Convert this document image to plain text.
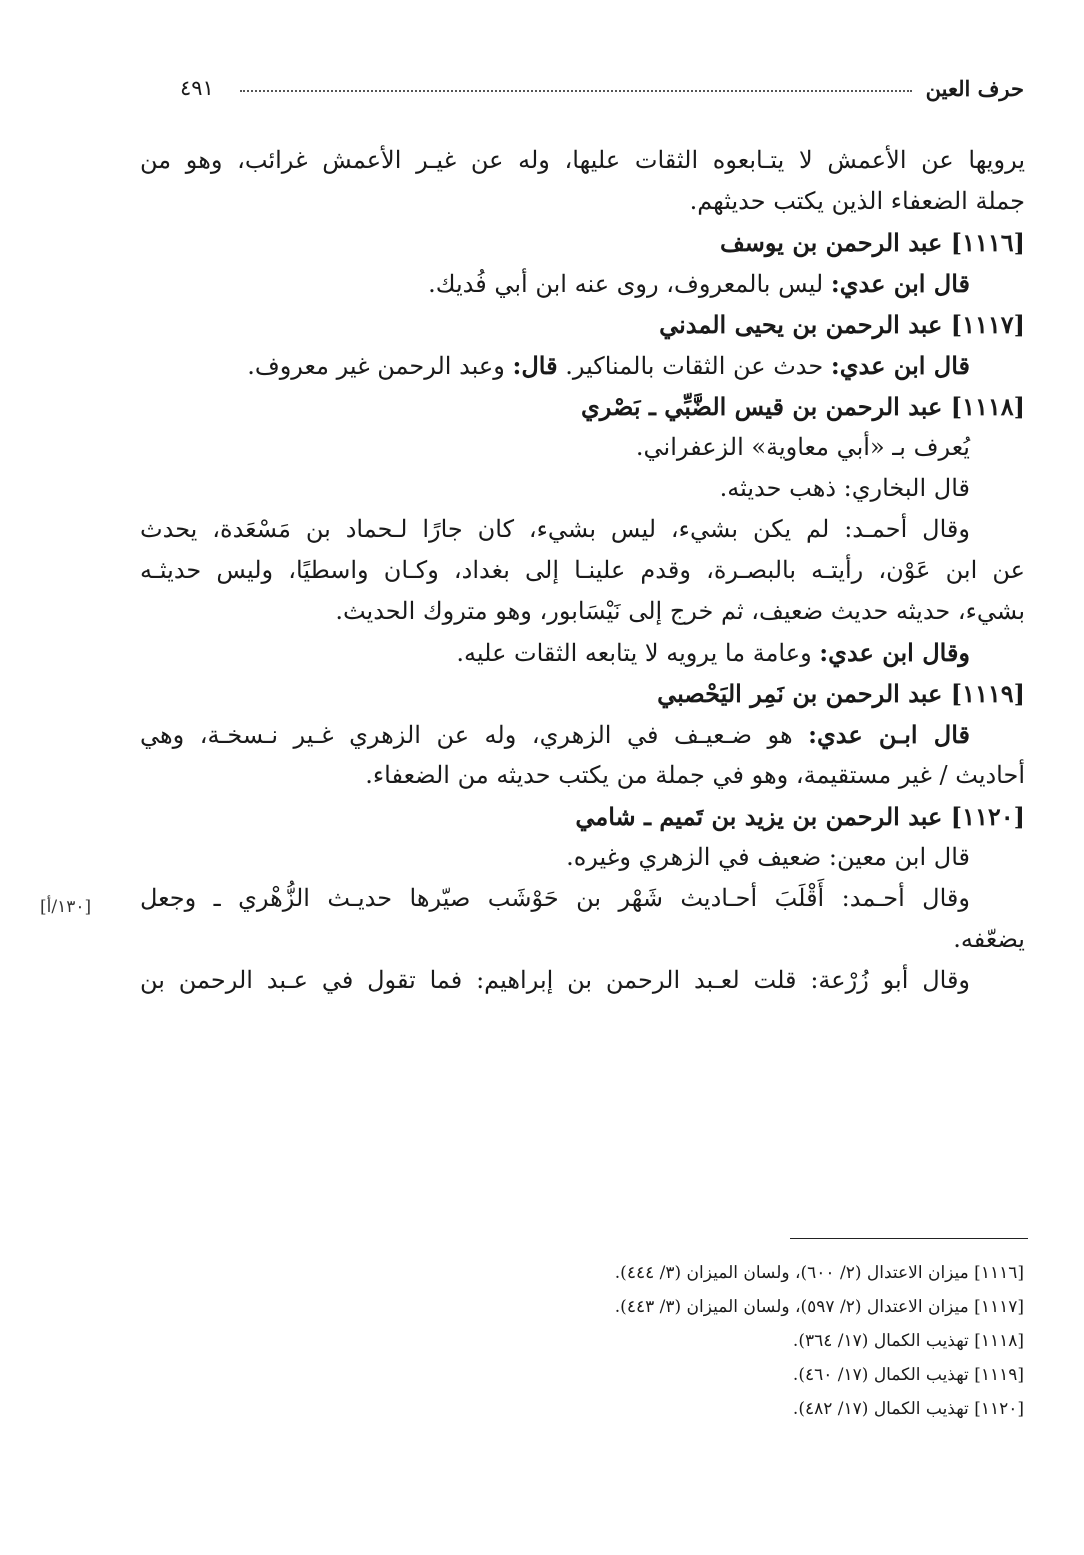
حرف العين
٤٩١
يرويها عن الأعمش لا يتـابعوه الثقات عليها، وله عن غيـر الأعمش غرائب، وهو من
جملة الضعفاء الذين يكتب حديثهم.
[١١١٦] عبد الرحمن بن يوسف
قال ابن عدي: ليس بالمعروف، روى عنه ابن أبي فُديك.
[١١١٧] عبد الرحمن بن يحيى المدني
قال ابن عدي: حدث عن الثقات بالمناكير. قال: وعبد الرحمن غير معروف.
[١١١٨] عبد الرحمن بن قيس الضَّبِّي ـ بَصْري
يُعرف بـ «أبي معاوية» الزعفراني.
قال البخاري: ذهب حديثه.
وقال أحمـد: لم يكن بشيء، ليس بشيء، كان جارًا لـحماد بن مَسْعَدة، يحدث
عن ابن عَوْن، رأيتـه بالبصـرة، وقدم علينـا إلى بغداد، وكـان واسطيًا، وليس حديثـه
بشيء، حديثه حديث ضعيف، ثم خرج إلى نَيْسَابور، وهو متروك الحديث.
وقال ابن عدي: وعامة ما يرويه لا يتابعه الثقات عليه.
[١١١٩] عبد الرحمن بن نَمِر اليَحْصبي
قال ابـن عدي: هو ضـعيـف في الزهري، وله عن الزهري غـير نـسخـة، وهي
أحاديث / غير مستقيمة، وهو في جملة من يكتب حديثه من الضعفاء.
[١١٢٠] عبد الرحمن بن يزيد بن تَميم ـ شامي
قال ابن معين: ضعيف في الزهري وغيره.
وقال أحـمد: أَقْلَبَ أحـاديث شَهْر بن حَوْشَب صيّرها حديـث الزُّهْري ـ وجعل
يضعّفه.
وقال أبو زُرْعة: قلت لعـبد الرحمن بن إبراهيم: فما تقول في عـبد الرحمن بن
[١٣٠/أ]
[١١١٦] ميزان الاعتدال (٢/ ٦٠٠)، ولسان الميزان (٣/ ٤٤٤).
[١١١٧] ميزان الاعتدال (٢/ ٥٩٧)، ولسان الميزان (٣/ ٤٤٣).
[١١١٨] تهذيب الكمال (١٧/ ٣٦٤).
[١١١٩] تهذيب الكمال (١٧/ ٤٦٠).
[١١٢٠] تهذيب الكمال (١٧/ ٤٨٢).
